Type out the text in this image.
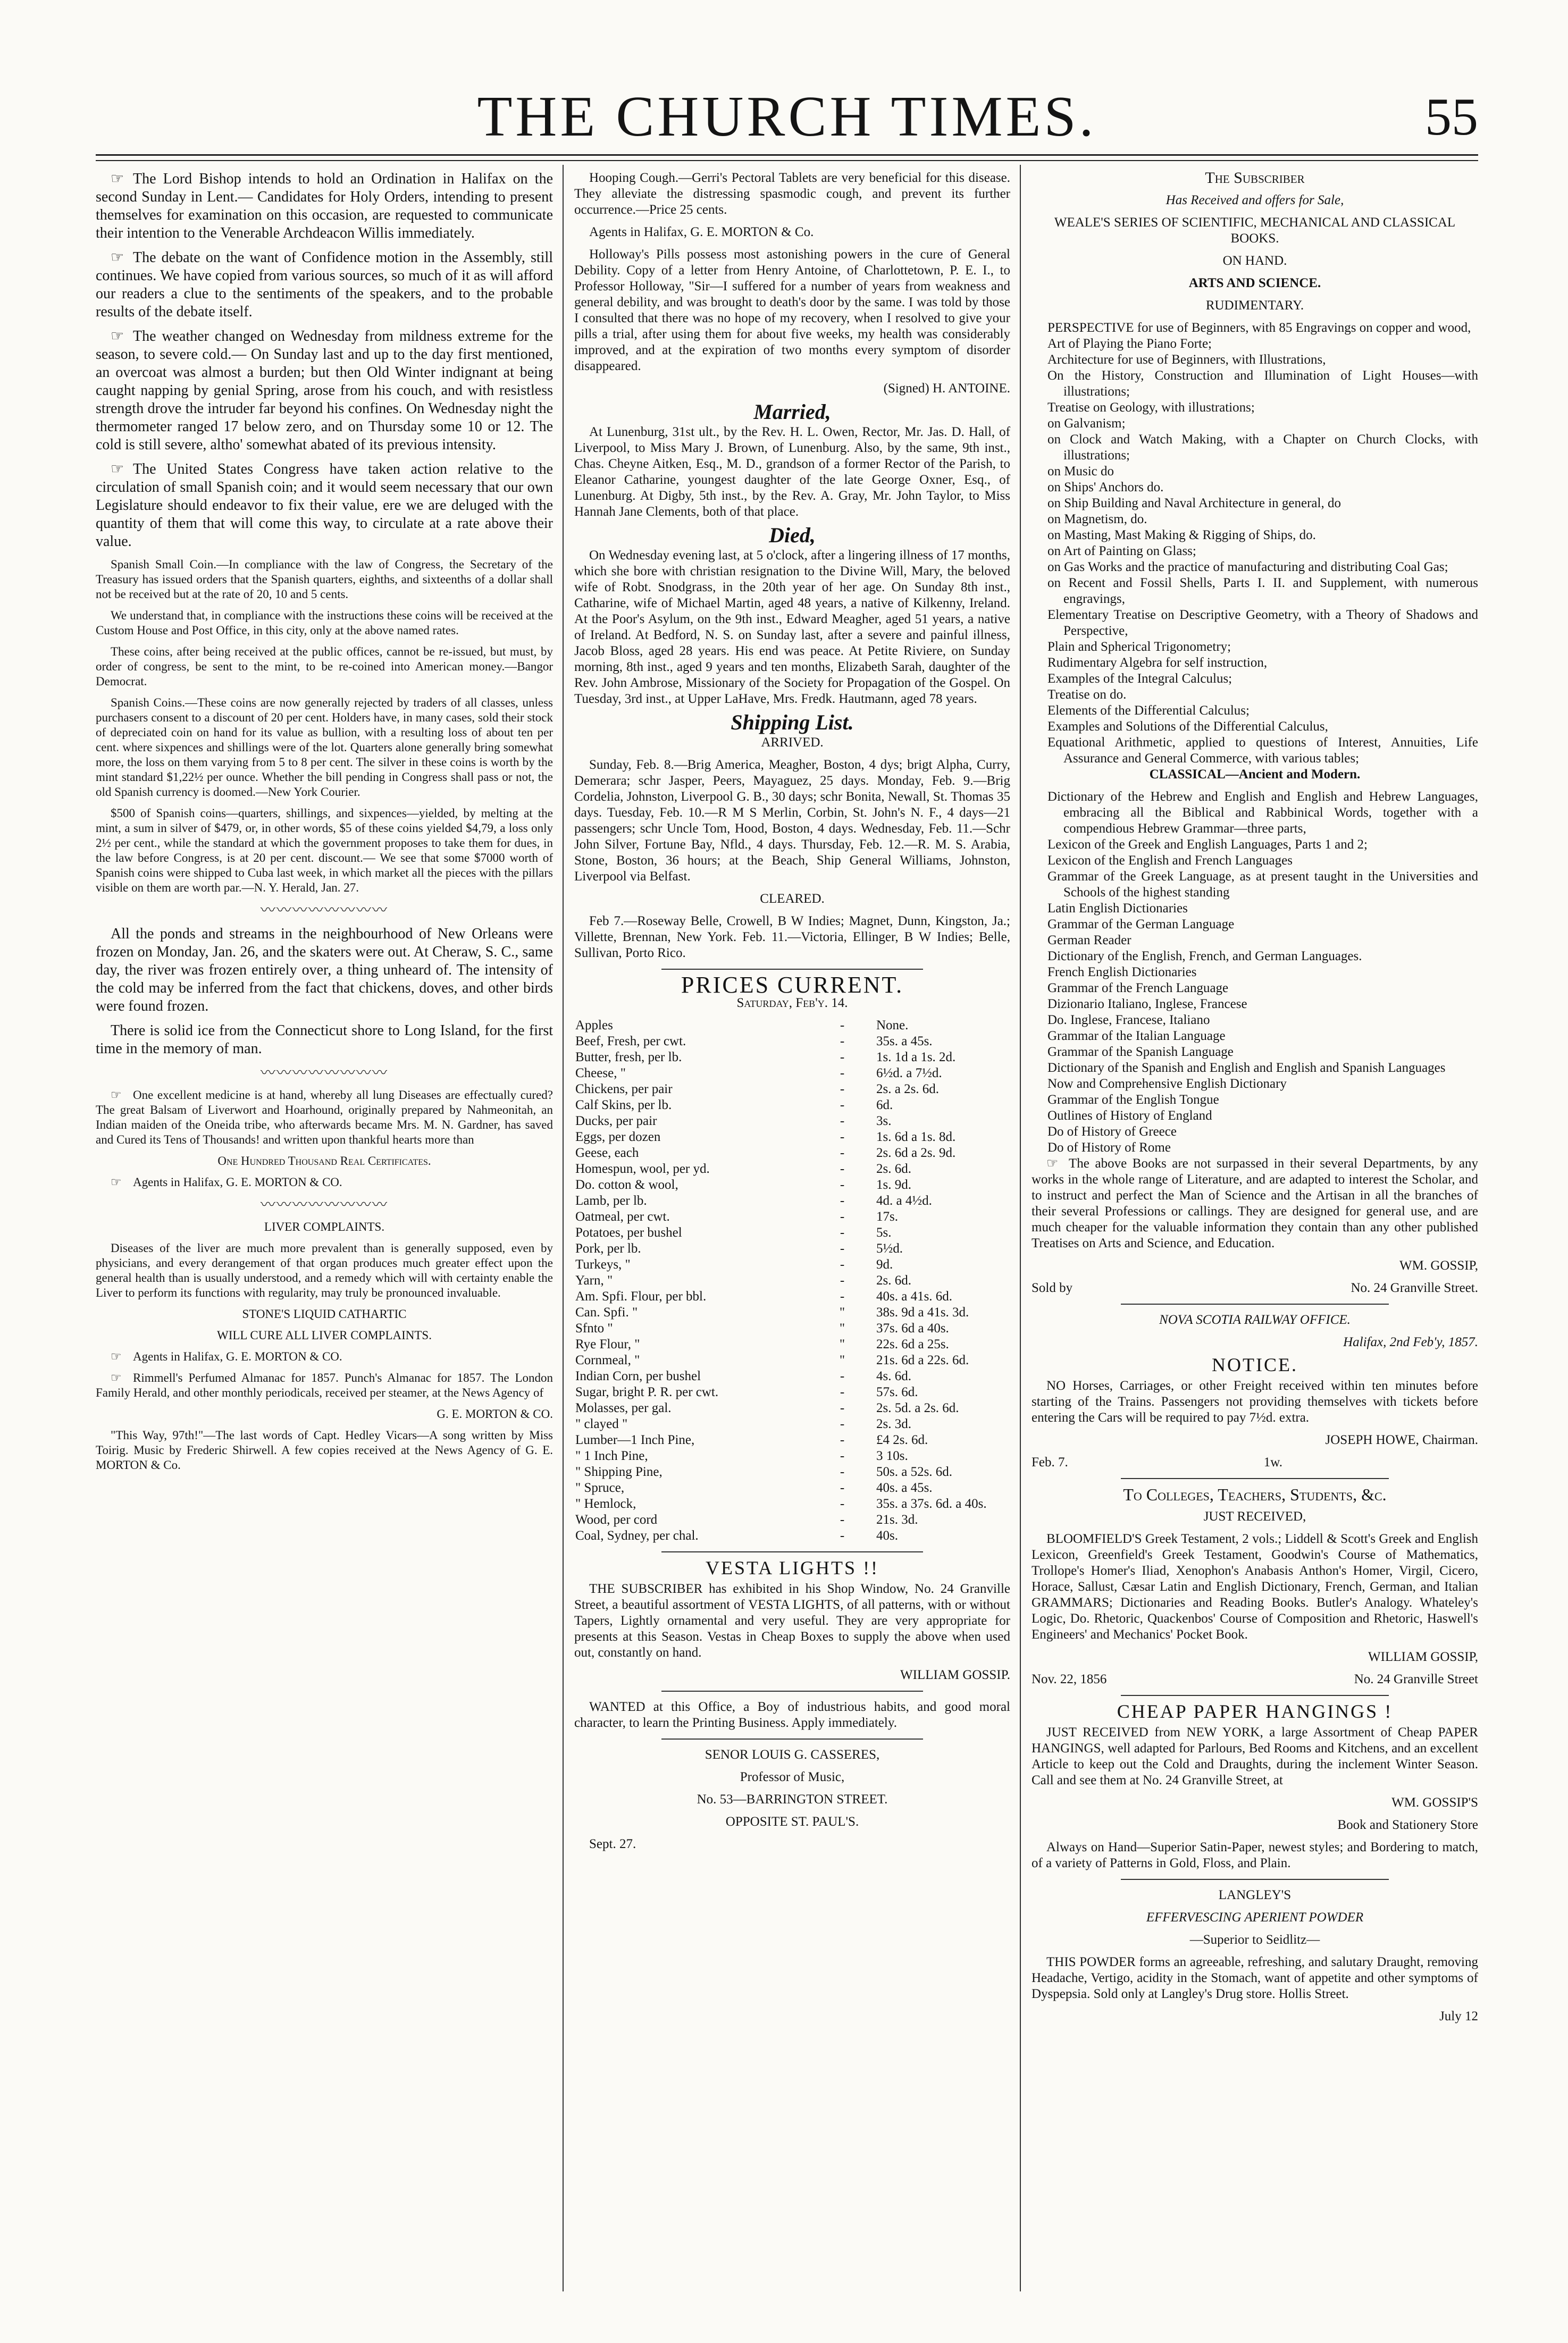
THE CHURCH TIMES.	55

☞ The Lord Bishop intends to hold an Ordination in Halifax on the second Sunday in Lent.— Candidates for Holy Orders, intending to present themselves for examination on this occasion, are requested to communicate their intention to the Venerable Archdeacon Willis immediately.

☞ The debate on the want of Confidence motion in the Assembly, still continues. We have copied from various sources, so much of it as will afford our readers a clue to the sentiments of the speakers, and to the probable results of the debate itself.

☞ The weather changed on Wednesday from mildness extreme for the season, to severe cold.— On Sunday last and up to the day first mentioned, an overcoat was almost a burden; but then Old Winter indignant at being caught napping by genial Spring, arose from his couch, and with resistless strength drove the intruder far beyond his confines. On Wednesday night the thermometer ranged 17 below zero, and on Thursday some 10 or 12. The cold is still severe, altho' somewhat abated of its previous intensity.

☞ The United States Congress have taken action relative to the circulation of small Spanish coin; and it would seem necessary that our own Legislature should endeavor to fix their value, ere we are deluged with the quantity of them that will come this way, to circulate at a rate above their value.

Spanish Small Coin.—In compliance with the law of Congress, the Secretary of the Treasury has issued orders that the Spanish quarters, eighths, and sixteenths of a dollar shall not be received but at the rate of 20, 10 and 5 cents.

We understand that, in compliance with the instructions these coins will be received at the Custom House and Post Office, in this city, only at the above named rates.

These coins, after being received at the public offices, cannot be re-issued, but must, by order of congress, be sent to the mint, to be re-coined into American money.—Bangor Democrat.

Spanish Coins.—These coins are now generally rejected by traders of all classes, unless purchasers consent to a discount of 20 per cent. Holders have, in many cases, sold their stock of depreciated coin on hand for its value as bullion, with a resulting loss of about ten per cent. where sixpences and shillings were of the lot. Quarters alone generally bring somewhat more, the loss on them varying from 5 to 8 per cent. The silver in these coins is worth by the mint standard $1,22½ per ounce. Whether the bill pending in Congress shall pass or not, the old Spanish currency is doomed.—New York Courier.

$500 of Spanish coins—quarters, shillings, and sixpences—yielded, by melting at the mint, a sum in silver of $479, or, in other words, $5 of these coins yielded $4,79, a loss only 2½ per cent., while the standard at which the government proposes to take them for dues, in the law before Congress, is at 20 per cent. discount.— We see that some $7000 worth of Spanish coins were shipped to Cuba last week, in which market all the pieces with the pillars visible on them are worth par.—N. Y. Herald, Jan. 27.

〰〰〰〰〰〰〰〰

All the ponds and streams in the neighbourhood of New Orleans were frozen on Monday, Jan. 26, and the skaters were out. At Cheraw, S. C., same day, the river was frozen entirely over, a thing unheard of. The intensity of the cold may be inferred from the fact that chickens, doves, and other birds were found frozen.

There is solid ice from the Connecticut shore to Long Island, for the first time in the memory of man.

〰〰〰〰〰〰〰〰

☞ One excellent medicine is at hand, whereby all lung Diseases are effectually cured? The great Balsam of Liverwort and Hoarhound, originally prepared by Nahmeonitah, an Indian maiden of the Oneida tribe, who afterwards became Mrs. M. N. Gardner, has saved and Cured its Tens of Thousands! and written upon thankful hearts more than

One Hundred Thousand Real Certificates.

☞ Agents in Halifax, G. E. MORTON & CO.

〰〰〰〰〰〰〰〰

LIVER COMPLAINTS.

Diseases of the liver are much more prevalent than is generally supposed, even by physicians, and every derangement of that organ produces much greater effect upon the general health than is usually understood, and a remedy which will with certainty enable the Liver to perform its functions with regularity, may truly be pronounced invaluable.

STONE'S LIQUID CATHARTIC

WILL CURE ALL LIVER COMPLAINTS.

☞ Agents in Halifax, G. E. MORTON & CO.

☞ Rimmell's Perfumed Almanac for 1857. Punch's Almanac for 1857. The London Family Herald, and other monthly periodicals, received per steamer, at the News Agency of

G. E. MORTON & CO.

"This Way, 97th!"—The last words of Capt. Hedley Vicars—A song written by Miss Toirig. Music by Frederic Shirwell. A few copies received at the News Agency of G. E. MORTON & Co.

Hooping Cough.—Gerri's Pectoral Tablets are very beneficial for this disease. They alleviate the distressing spasmodic cough, and prevent its further occurrence.—Price 25 cents.

Agents in Halifax, G. E. MORTON & Co.

Holloway's Pills possess most astonishing powers in the cure of General Debility. Copy of a letter from Henry Antoine, of Charlottetown, P. E. I., to Professor Holloway, "Sir—I suffered for a number of years from weakness and general debility, and was brought to death's door by the same. I was told by those I consulted that there was no hope of my recovery, when I resolved to give your pills a trial, after using them for about five weeks, my health was considerably improved, and at the expiration of two months every symptom of disorder disappeared.

(Signed) H. ANTOINE.

Married,

At Lunenburg, 31st ult., by the Rev. H. L. Owen, Rector, Mr. Jas. D. Hall, of Liverpool, to Miss Mary J. Brown, of Lunenburg. Also, by the same, 9th inst., Chas. Cheyne Aitken, Esq., M. D., grandson of a former Rector of the Parish, to Eleanor Catharine, youngest daughter of the late George Oxner, Esq., of Lunenburg. At Digby, 5th inst., by the Rev. A. Gray, Mr. John Taylor, to Miss Hannah Jane Clements, both of that place.

Died,

On Wednesday evening last, at 5 o'clock, after a lingering illness of 17 months, which she bore with christian resignation to the Divine Will, Mary, the beloved wife of Robt. Snodgrass, in the 20th year of her age. On Sunday 8th inst., Catharine, wife of Michael Martin, aged 48 years, a native of Kilkenny, Ireland. At the Poor's Asylum, on the 9th inst., Edward Meagher, aged 51 years, a native of Ireland. At Bedford, N. S. on Sunday last, after a severe and painful illness, Jacob Bloss, aged 28 years. His end was peace. At Petite Riviere, on Sunday morning, 8th inst., aged 9 years and ten months, Elizabeth Sarah, daughter of the Rev. John Ambrose, Missionary of the Society for Propagation of the Gospel. On Tuesday, 3rd inst., at Upper LaHave, Mrs. Fredk. Hautmann, aged 78 years.

Shipping List.

ARRIVED.

Sunday, Feb. 8.—Brig America, Meagher, Boston, 4 dys; brigt Alpha, Curry, Demerara; schr Jasper, Peers, Mayaguez, 25 days. Monday, Feb. 9.—Brig Cordelia, Johnston, Liverpool G. B., 30 days; schr Bonita, Newall, St. Thomas 35 days. Tuesday, Feb. 10.—R M S Merlin, Corbin, St. John's N. F., 4 days—21 passengers; schr Uncle Tom, Hood, Boston, 4 days. Wednesday, Feb. 11.—Schr John Silver, Fortune Bay, Nfld., 4 days. Thursday, Feb. 12.—R. M. S. Arabia, Stone, Boston, 36 hours; at the Beach, Ship General Williams, Johnston, Liverpool via Belfast.

CLEARED.

Feb 7.—Roseway Belle, Crowell, B W Indies; Magnet, Dunn, Kingston, Ja.; Villette, Brennan, New York. Feb. 11.—Victoria, Ellinger, B W Indies; Belle, Sullivan, Porto Rico.

PRICES CURRENT.

Saturday, Feb'y. 14.

Apples	-	None.
Beef, Fresh, per cwt.	-	35s. a 45s.
Butter, fresh, per lb.	-	1s. 1d a 1s. 2d.
Cheese, "	-	6½d. a 7½d.
Chickens, per pair	-	2s. a 2s. 6d.
Calf Skins, per lb.	-	6d.
Ducks, per pair	-	3s.
Eggs, per dozen	-	1s. 6d a 1s. 8d.
Geese, each	-	2s. 6d a 2s. 9d.
Homespun, wool, per yd.	-	2s. 6d.
Do. cotton & wool,	-	1s. 9d.
Lamb, per lb.	-	4d. a 4½d.
Oatmeal, per cwt.	-	17s.
Potatoes, per bushel	-	5s.
Pork, per lb.	-	5½d.
Turkeys, "	-	9d.
Yarn, "	-	2s. 6d.
Am. Spfi. Flour, per bbl.	-	40s. a 41s. 6d.
Can. Spfi. "	"	38s. 9d a 41s. 3d.
Sfnto "	"	37s. 6d a 40s.
Rye Flour, "	"	22s. 6d a 25s.
Cornmeal, "	"	21s. 6d a 22s. 6d.
Indian Corn, per bushel	-	4s. 6d.
Sugar, bright P. R. per cwt.	-	57s. 6d.
Molasses, per gal.	-	2s. 5d. a 2s. 6d.
" clayed "	-	2s. 3d.
Lumber—1 Inch Pine,	-	£4 2s. 6d.
" 1 Inch Pine,	-	3 10s.
" Shipping Pine,	-	50s. a 52s. 6d.
" Spruce,	-	40s. a 45s.
" Hemlock,	-	35s. a 37s. 6d. a 40s.
Wood, per cord	-	21s. 3d.
Coal, Sydney, per chal.	-	40s.
VESTA LIGHTS !!

THE SUBSCRIBER has exhibited in his Shop Window, No. 24 Granville Street, a beautiful assortment of VESTA LIGHTS, of all patterns, with or without Tapers, Lightly ornamental and very useful. They are very appropriate for presents at this Season. Vestas in Cheap Boxes to supply the above when used out, constantly on hand.

WILLIAM GOSSIP.

WANTED at this Office, a Boy of industrious habits, and good moral character, to learn the Printing Business. Apply immediately.

SENOR LOUIS G. CASSERES,

Professor of Music,

No. 53—BARRINGTON STREET.

OPPOSITE ST. PAUL'S.

Sept. 27.

The Subscriber

Has Received and offers for Sale,

WEALE'S SERIES OF SCIENTIFIC, MECHANICAL AND CLASSICAL BOOKS.

ON HAND.

ARTS AND SCIENCE.

RUDIMENTARY.

PERSPECTIVE for use of Beginners, with 85 Engravings on copper and wood,
Art of Playing the Piano Forte;
Architecture for use of Beginners, with Illustrations,
On the History, Construction and Illumination of Light Houses—with illustrations;
Treatise on Geology, with illustrations;
on Galvanism;
on Clock and Watch Making, with a Chapter on Church Clocks, with illustrations;
on Music do
on Ships' Anchors do.
on Ship Building and Naval Architecture in general, do
on Magnetism, do.
on Masting, Mast Making & Rigging of Ships, do.
on Art of Painting on Glass;
on Gas Works and the practice of manufacturing and distributing Coal Gas;
on Recent and Fossil Shells, Parts I. II. and Supplement, with numerous engravings,
Elementary Treatise on Descriptive Geometry, with a Theory of Shadows and Perspective,
Plain and Spherical Trigonometry;
Rudimentary Algebra for self instruction,
Examples of the Integral Calculus;
Treatise on do.
Elements of the Differential Calculus;
Examples and Solutions of the Differential Calculus,
Equational Arithmetic, applied to questions of Interest, Annuities, Life Assurance and General Commerce, with various tables;

CLASSICAL—Ancient and Modern.

Dictionary of the Hebrew and English and English and Hebrew Languages, embracing all the Biblical and Rabbinical Words, together with a compendious Hebrew Grammar—three parts,
Lexicon of the Greek and English Languages, Parts 1 and 2;
Lexicon of the English and French Languages
Grammar of the Greek Language, as at present taught in the Universities and Schools of the highest standing
Latin English Dictionaries
Grammar of the German Language
German Reader
Dictionary of the English, French, and German Languages.
French English Dictionaries
Grammar of the French Language
Dizionario Italiano, Inglese, Francese
Do. Inglese, Francese, Italiano
Grammar of the Italian Language
Grammar of the Spanish Language
Dictionary of the Spanish and English and English and Spanish Languages
Now and Comprehensive English Dictionary
Grammar of the English Tongue
Outlines of History of England
Do of History of Greece
Do of History of Rome

☞ The above Books are not surpassed in their several Departments, by any works in the whole range of Literature, and are adapted to interest the Scholar, and to instruct and perfect the Man of Science and the Artisan in all the branches of their several Professions or callings. They are designed for general use, and are much cheaper for the valuable information they contain than any other published Treatises on Arts and Science, and Education.

WM. GOSSIP,

Sold by	No. 24 Granville Street.

NOVA SCOTIA RAILWAY OFFICE.

Halifax, 2nd Feb'y, 1857.

NOTICE.

NO Horses, Carriages, or other Freight received within ten minutes before starting of the Trains. Passengers not providing themselves with tickets before entering the Cars will be required to pay 7½d. extra.

JOSEPH HOWE, Chairman.

Feb. 7.	1w.

To Colleges, Teachers, Students, &c.

JUST RECEIVED,

BLOOMFIELD'S Greek Testament, 2 vols.; Liddell & Scott's Greek and English Lexicon, Greenfield's Greek Testament, Goodwin's Course of Mathematics, Trollope's Homer's Iliad, Xenophon's Anabasis Anthon's Homer, Virgil, Cicero, Horace, Sallust, Cæsar Latin and English Dictionary, French, German, and Italian GRAMMARS; Dictionaries and Reading Books. Butler's Analogy. Whateley's Logic, Do. Rhetoric, Quackenbos' Course of Composition and Rhetoric, Haswell's Engineers' and Mechanics' Pocket Book.

WILLIAM GOSSIP,

Nov. 22, 1856	No. 24 Granville Street
CHEAP PAPER HANGINGS !

JUST RECEIVED from NEW YORK, a large Assortment of Cheap PAPER HANGINGS, well adapted for Parlours, Bed Rooms and Kitchens, and an excellent Article to keep out the Cold and Draughts, during the inclement Winter Season. Call and see them at No. 24 Granville Street, at

WM. GOSSIP'S

Book and Stationery Store

Always on Hand—Superior Satin-Paper, newest styles; and Bordering to match, of a variety of Patterns in Gold, Floss, and Plain.

LANGLEY'S

EFFERVESCING APERIENT POWDER

—Superior to Seidlitz—

THIS POWDER forms an agreeable, refreshing, and salutary Draught, removing Headache, Vertigo, acidity in the Stomach, want of appetite and other symptoms of Dyspepsia. Sold only at Langley's Drug store. Hollis Street.

July 12
